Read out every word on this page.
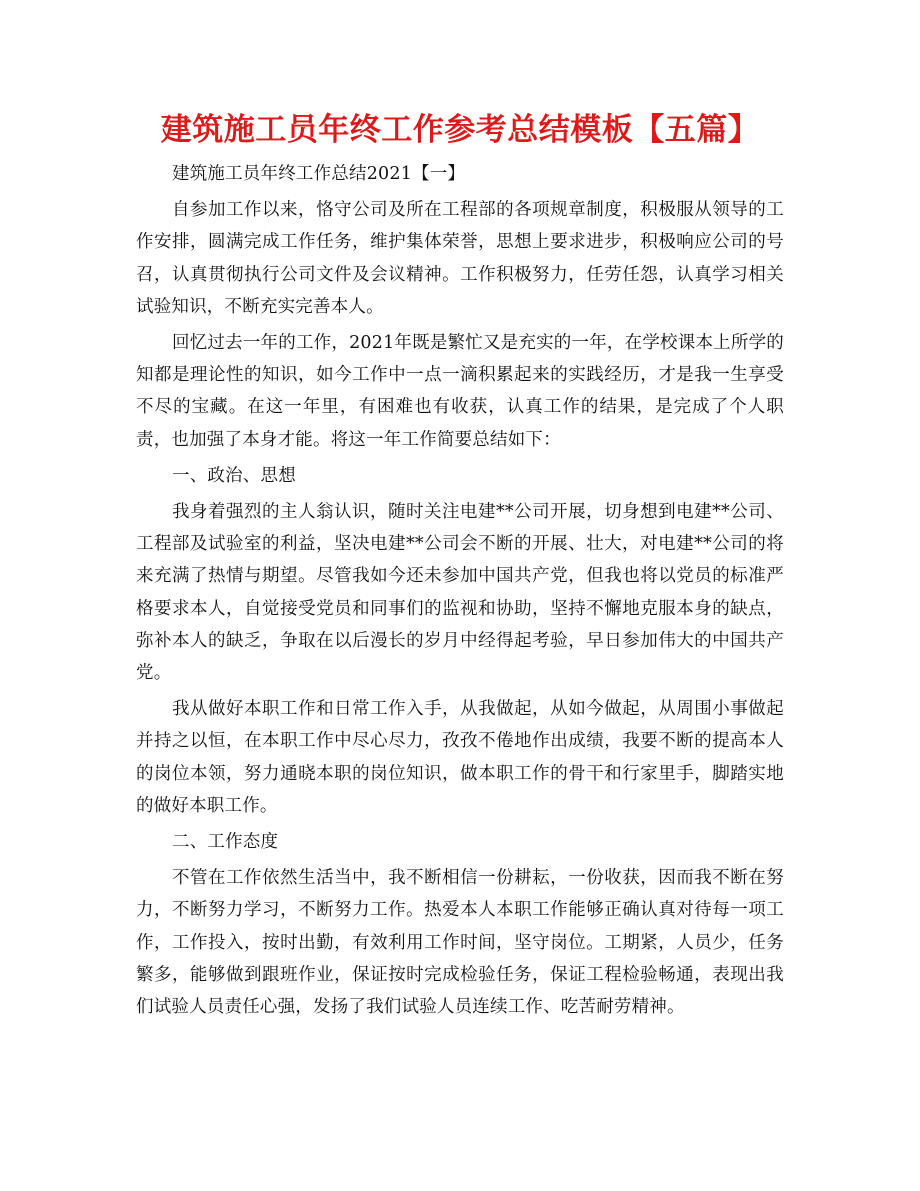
建筑施工员年终工作参考总结模板【五篇】

建筑施工员年终工作总结2021【一】

自参加工作以来，恪守公司及所在工程部的各项规章制度，积极服从领导的工作安排，圆满完成工作任务，维护集体荣誉，思想上要求进步，积极响应公司的号召，认真贯彻执行公司文件及会议精神。工作积极努力，任劳任怨，认真学习相关试验知识，不断充实完善本人。

回忆过去一年的工作，2021年既是繁忙又是充实的一年，在学校课本上所学的知都是理论性的知识，如今工作中一点一滴积累起来的实践经历，才是我一生享受不尽的宝藏。在这一年里，有困难也有收获，认真工作的结果，是完成了个人职责，也加强了本身才能。将这一年工作简要总结如下：

一、政治、思想

我身着强烈的主人翁认识，随时关注电建**公司开展，切身想到电建**公司、工程部及试验室的利益，坚决电建**公司会不断的开展、壮大，对电建**公司的将来充满了热情与期望。尽管我如今还未参加中国共产党，但我也将以党员的标准严格要求本人，自觉接受党员和同事们的监视和协助，坚持不懈地克服本身的缺点，弥补本人的缺乏，争取在以后漫长的岁月中经得起考验，早日参加伟大的中国共产党。

我从做好本职工作和日常工作入手，从我做起，从如今做起，从周围小事做起并持之以恒，在本职工作中尽心尽力，孜孜不倦地作出成绩，我要不断的提高本人的岗位本领，努力通晓本职的岗位知识，做本职工作的骨干和行家里手，脚踏实地的做好本职工作。

二、工作态度

不管在工作依然生活当中，我不断相信一份耕耘，一份收获，因而我不断在努力，不断努力学习，不断努力工作。热爱本人本职工作能够正确认真对待每一项工作，工作投入，按时出勤，有效利用工作时间，坚守岗位。工期紧，人员少，任务繁多，能够做到跟班作业，保证按时完成检验任务，保证工程检验畅通，表现出我们试验人员责任心强，发扬了我们试验人员连续工作、吃苦耐劳精神。
